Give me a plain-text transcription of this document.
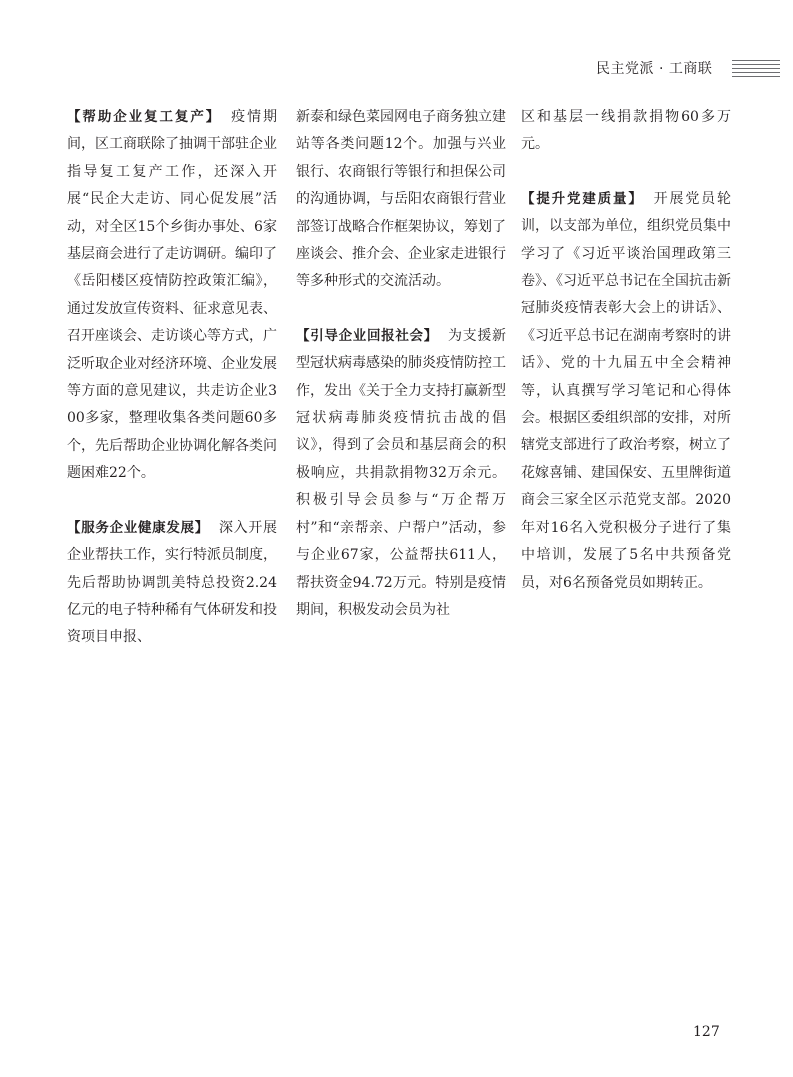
民主党派 · 工商联

【帮助企业复工复产】 疫情期间，区工商联除了抽调干部驻企业指导复工复产工作，还深入开展“民企大走访、同心促发展”活动，对全区15个乡街办事处、6家基层商会进行了走访调研。编印了《岳阳楼区疫情防控政策汇编》，通过发放宣传资料、征求意见表、召开座谈会、走访谈心等方式，广泛听取企业对经济环境、企业发展等方面的意见建议，共走访企业300多家，整理收集各类问题60多个，先后帮助企业协调化解各类问题困难22个。

【服务企业健康发展】 深入开展企业帮扶工作，实行特派员制度，先后帮助协调凯美特总投资2.24亿元的电子特种稀有气体研发和投资项目申报、

新泰和绿色菜园网电子商务独立建站等各类问题12个。加强与兴业银行、农商银行等银行和担保公司的沟通协调，与岳阳农商银行营业部签订战略合作框架协议，筹划了座谈会、推介会、企业家走进银行等多种形式的交流活动。

【引导企业回报社会】 为支援新型冠状病毒感染的肺炎疫情防控工作，发出《关于全力支持打赢新型冠状病毒肺炎疫情抗击战的倡议》，得到了会员和基层商会的积极响应，共捐款捐物32万余元。积极引导会员参与“万企帮万村”和“亲帮亲、户帮户”活动，参与企业67家，公益帮扶611人，帮扶资金94.72万元。特别是疫情期间，积极发动会员为社

区和基层一线捐款捐物60多万元。

【提升党建质量】 开展党员轮训，以支部为单位，组织党员集中学习了《习近平谈治国理政第三卷》、《习近平总书记在全国抗击新冠肺炎疫情表彰大会上的讲话》、《习近平总书记在湖南考察时的讲话》、党的十九届五中全会精神等，认真撰写学习笔记和心得体会。根据区委组织部的安排，对所辖党支部进行了政治考察，树立了花嫁喜铺、建国保安、五里牌街道商会三家全区示范党支部。2020年对16名入党积极分子进行了集中培训，发展了5名中共预备党员，对6名预备党员如期转正。

127
